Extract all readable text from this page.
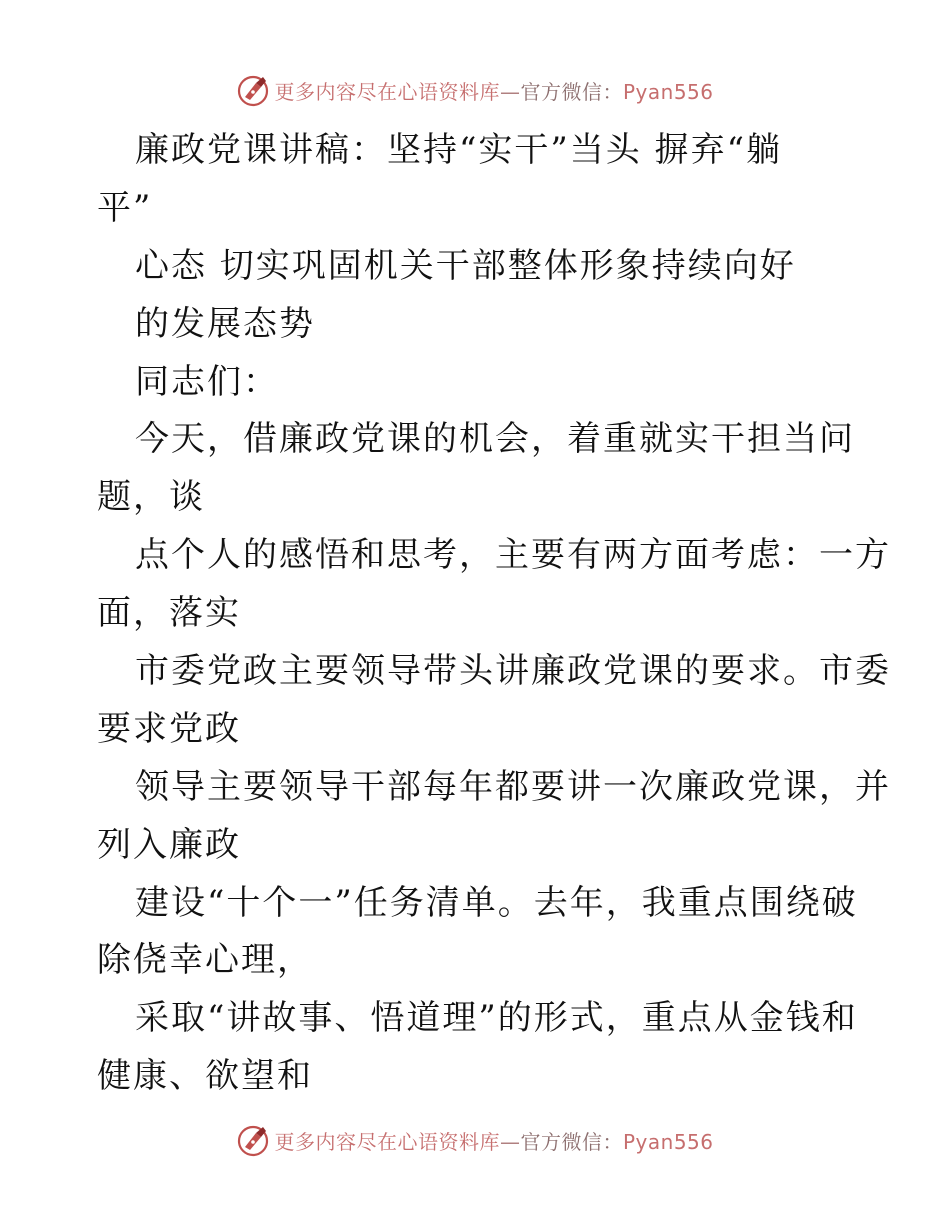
更多内容尽在心语资料库—官方微信：Pyan556
廉政党课讲稿：坚持“实干”当头 摒弃“躺
平”
心态 切实巩固机关干部整体形象持续向好
的发展态势
同志们：
今天，借廉政党课的机会，着重就实干担当问
题，谈
点个人的感悟和思考，主要有两方面考虑：一方
面，落实
市委党政主要领导带头讲廉政党课的要求。市委
要求党政
领导主要领导干部每年都要讲一次廉政党课，并
列入廉政
建设“十个一”任务清单。去年，我重点围绕破
除侥幸心理，
采取“讲故事、悟道理”的形式，重点从金钱和
健康、欲望和
更多内容尽在心语资料库—官方微信：Pyan556
